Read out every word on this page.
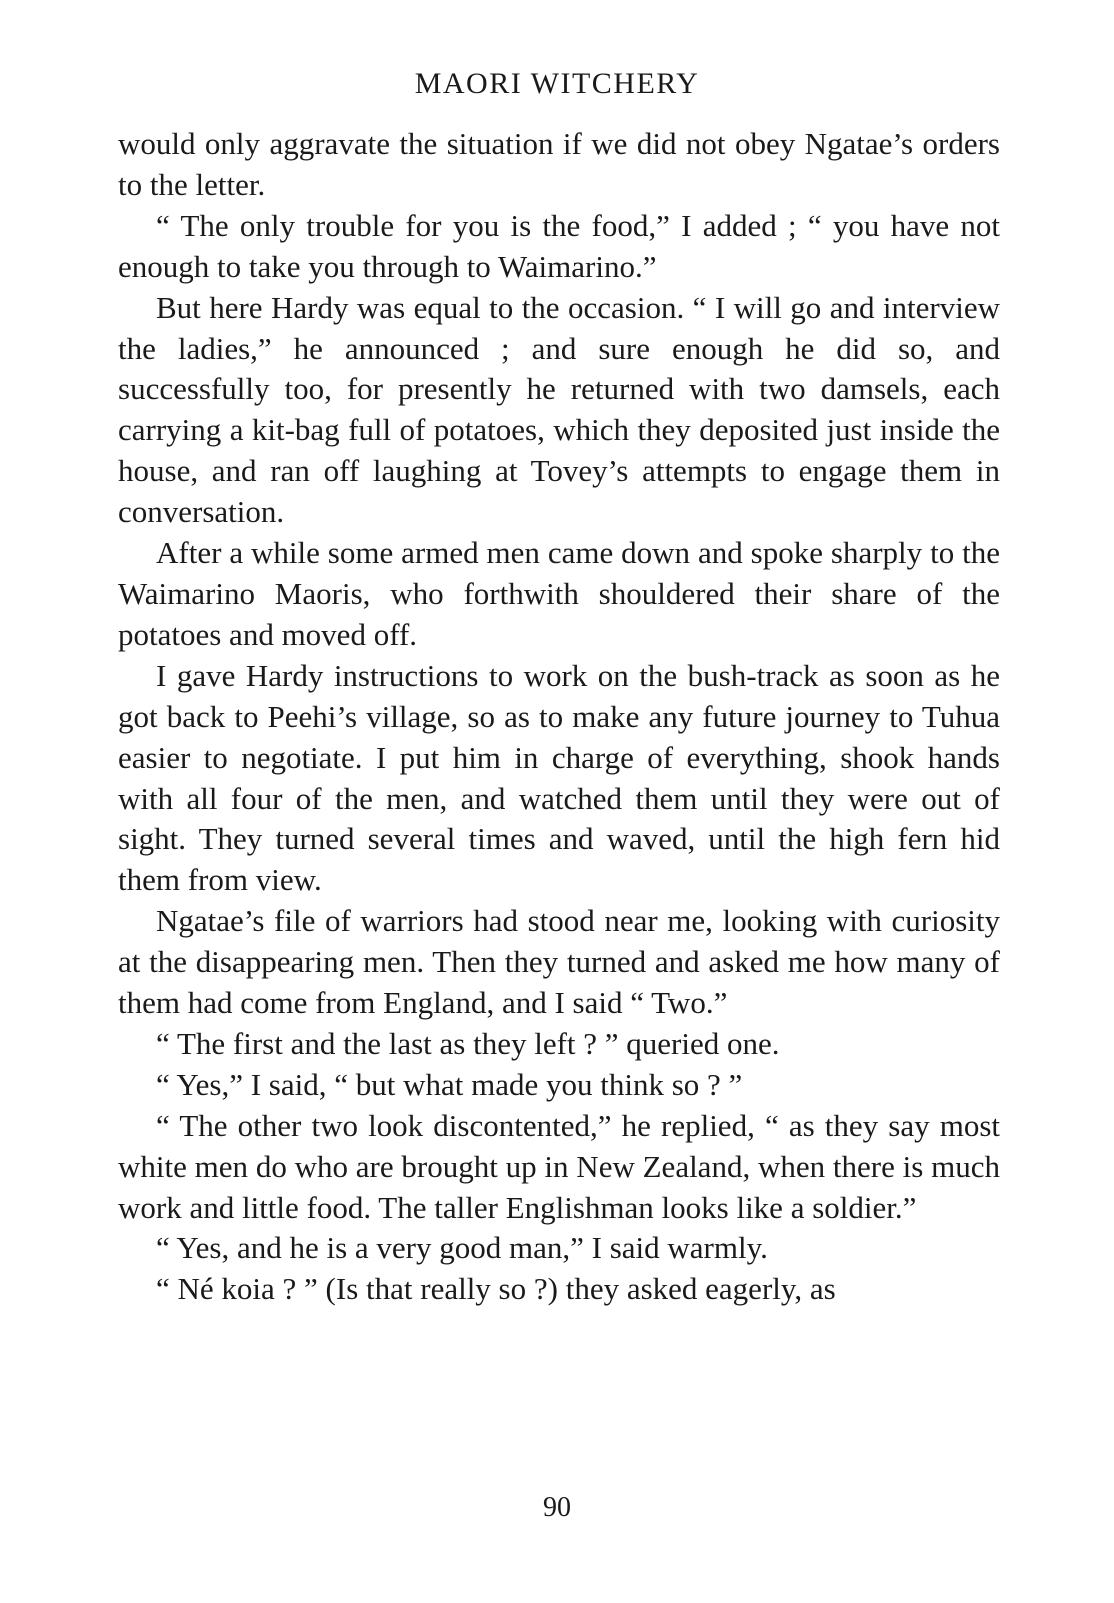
MAORI WITCHERY

would only aggravate the situation if we did not obey Ngatae’s orders to the letter.

“ The only trouble for you is the food,” I added ; “ you have not enough to take you through to Waimarino.”

But here Hardy was equal to the occasion. “ I will go and interview the ladies,” he announced ; and sure enough he did so, and successfully too, for presently he returned with two damsels, each carrying a kit-bag full of potatoes, which they deposited just inside the house, and ran off laughing at Tovey’s attempts to engage them in conversation.

After a while some armed men came down and spoke sharply to the Waimarino Maoris, who forthwith shouldered their share of the potatoes and moved off.

I gave Hardy instructions to work on the bush-track as soon as he got back to Peehi’s village, so as to make any future journey to Tuhua easier to negotiate. I put him in charge of everything, shook hands with all four of the men, and watched them until they were out of sight. They turned several times and waved, until the high fern hid them from view.

Ngatae’s file of warriors had stood near me, looking with curiosity at the disappearing men. Then they turned and asked me how many of them had come from England, and I said “ Two.”

“ The first and the last as they left ? ” queried one.

“ Yes,” I said, “ but what made you think so ? ”

“ The other two look discontented,” he replied, “ as they say most white men do who are brought up in New Zealand, when there is much work and little food. The taller Englishman looks like a soldier.”

“ Yes, and he is a very good man,” I said warmly.

“ Né koia ? ” (Is that really so ?) they asked eagerly, as

90
